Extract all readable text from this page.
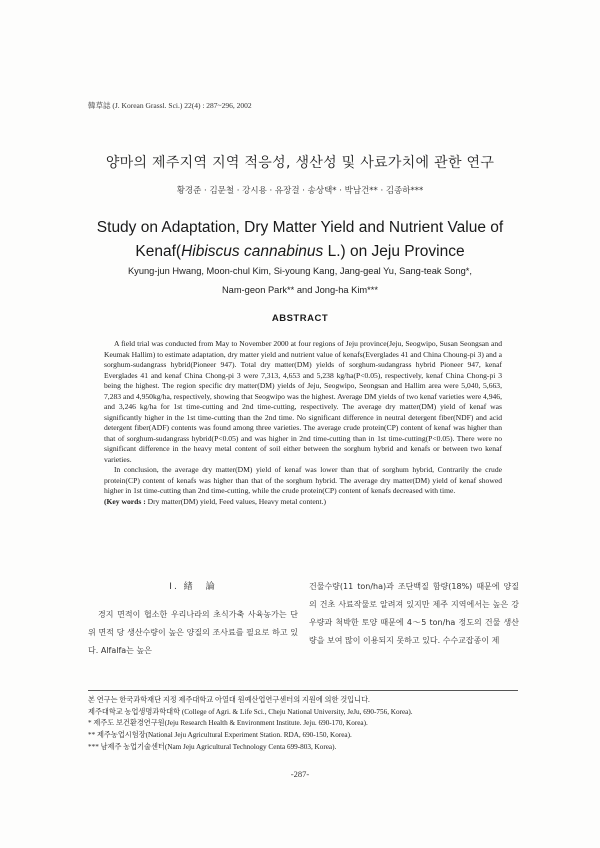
韓草誌 (J. Korean Grassl. Sci.) 22(4) : 287~296, 2002
양마의 제주지역 지역 적응성, 생산성 및 사료가치에 관한 연구
황경준 · 김문철 · 강시용 · 유장걸 · 송상택* · 박남건** · 김종하***
Study on Adaptation, Dry Matter Yield and Nutrient Value of
Kenaf(Hibiscus cannabinus L.) on Jeju Province
Kyung-jun Hwang, Moon-chul Kim, Si-young Kang, Jang-geal Yu, Sang-teak Song*,
Nam-geon Park** and Jong-ha Kim***
ABSTRACT

A field trial was conducted from May to November 2000 at four regions of Jeju province(Jeju, Seogwipo, Susan Seongsan and Keumak Hallim) to estimate adaptation, dry matter yield and nutrient value of kenafs(Everglades 41 and China Choung-pi 3) and a sorghum-sudangrass hybrid(Pioneer 947). Total dry matter(DM) yields of sorghum-sudangrass hybrid Pioneer 947, kenaf Everglades 41 and kenaf China Chong-pi 3 were 7,313, 4,653 and 5,238 kg/ha(P<0.05), respectively, kenaf China Chong-pi 3 being the highest. The region specific dry matter(DM) yields of Jeju, Seogwipo, Seongsan and Hallim area were 5,040, 5,663, 7,283 and 4,950kg/ha, respectively, showing that Seogwipo was the highest. Average DM yields of two kenaf varieties were 4,946, and 3,246 kg/ha for 1st time-cutting and 2nd time-cutting, respectively. The average dry matter(DM) yield of kenaf was significantly higher in the 1st time-cutting than the 2nd time. No significant difference in neutral detergent fiber(NDF) and acid detergent fiber(ADF) contents was found among three varieties. The average crude protein(CP) content of kenaf was higher than that of sorghum-sudangrass hybrid(P<0.05) and was higher in 2nd time-cutting than in 1st time-cutting(P<0.05). There were no significant difference in the heavy metal content of soil either between the sorghum hybrid and kenafs or between two kenaf varieties.

In conclusion, the average dry matter(DM) yield of kenaf was lower than that of sorghum hybrid, Contrarily the crude protein(CP) content of kenafs was higher than that of the sorghum hybrid. The average dry matter(DM) yield of kenaf showed higher in 1st time-cutting than 2nd time-cutting, while the crude protein(CP) content of kenafs decreased with time.

(Key words : Dry matter(DM) yield, Feed values, Heavy metal content.)

Ⅰ. 緖　論

경지 면적이 협소한 우리나라의 초식가축 사육농가는 단위 면적 당 생산수량이 높은 양질의 조사료를 필요로 하고 있다. Alfalfa는 높은

건물수량(11 ton/ha)과 조단백질 함량(18%) 때문에 양질의 건초 사료작물로 알려져 있지만 제주 지역에서는 높은 강우량과 척박한 토양 때문에 4～5 ton/ha 정도의 건물 생산량을 보여 많이 이용되지 못하고 있다. 수수교잡종이 제

본 연구는 한국과학재단 지정 제주대학교 아열대 원예산업연구센터의 지원에 의한 것입니다.
제주대학교 농업생명과학대학 (College of Agri. & Life Sci., Cheju National University, JeJu, 690-756, Korea).
* 제주도 보건환경연구원(Jeju Research Health & Environment Institute. Jeju. 690-170, Korea).
** 제주농업시험장(National Jeju Agricultural Experiment Station. RDA, 690-150, Korea).
*** 남제주 농업기술센터(Nam Jeju Agricultural Technology Centa 699-803, Korea).
-287-
